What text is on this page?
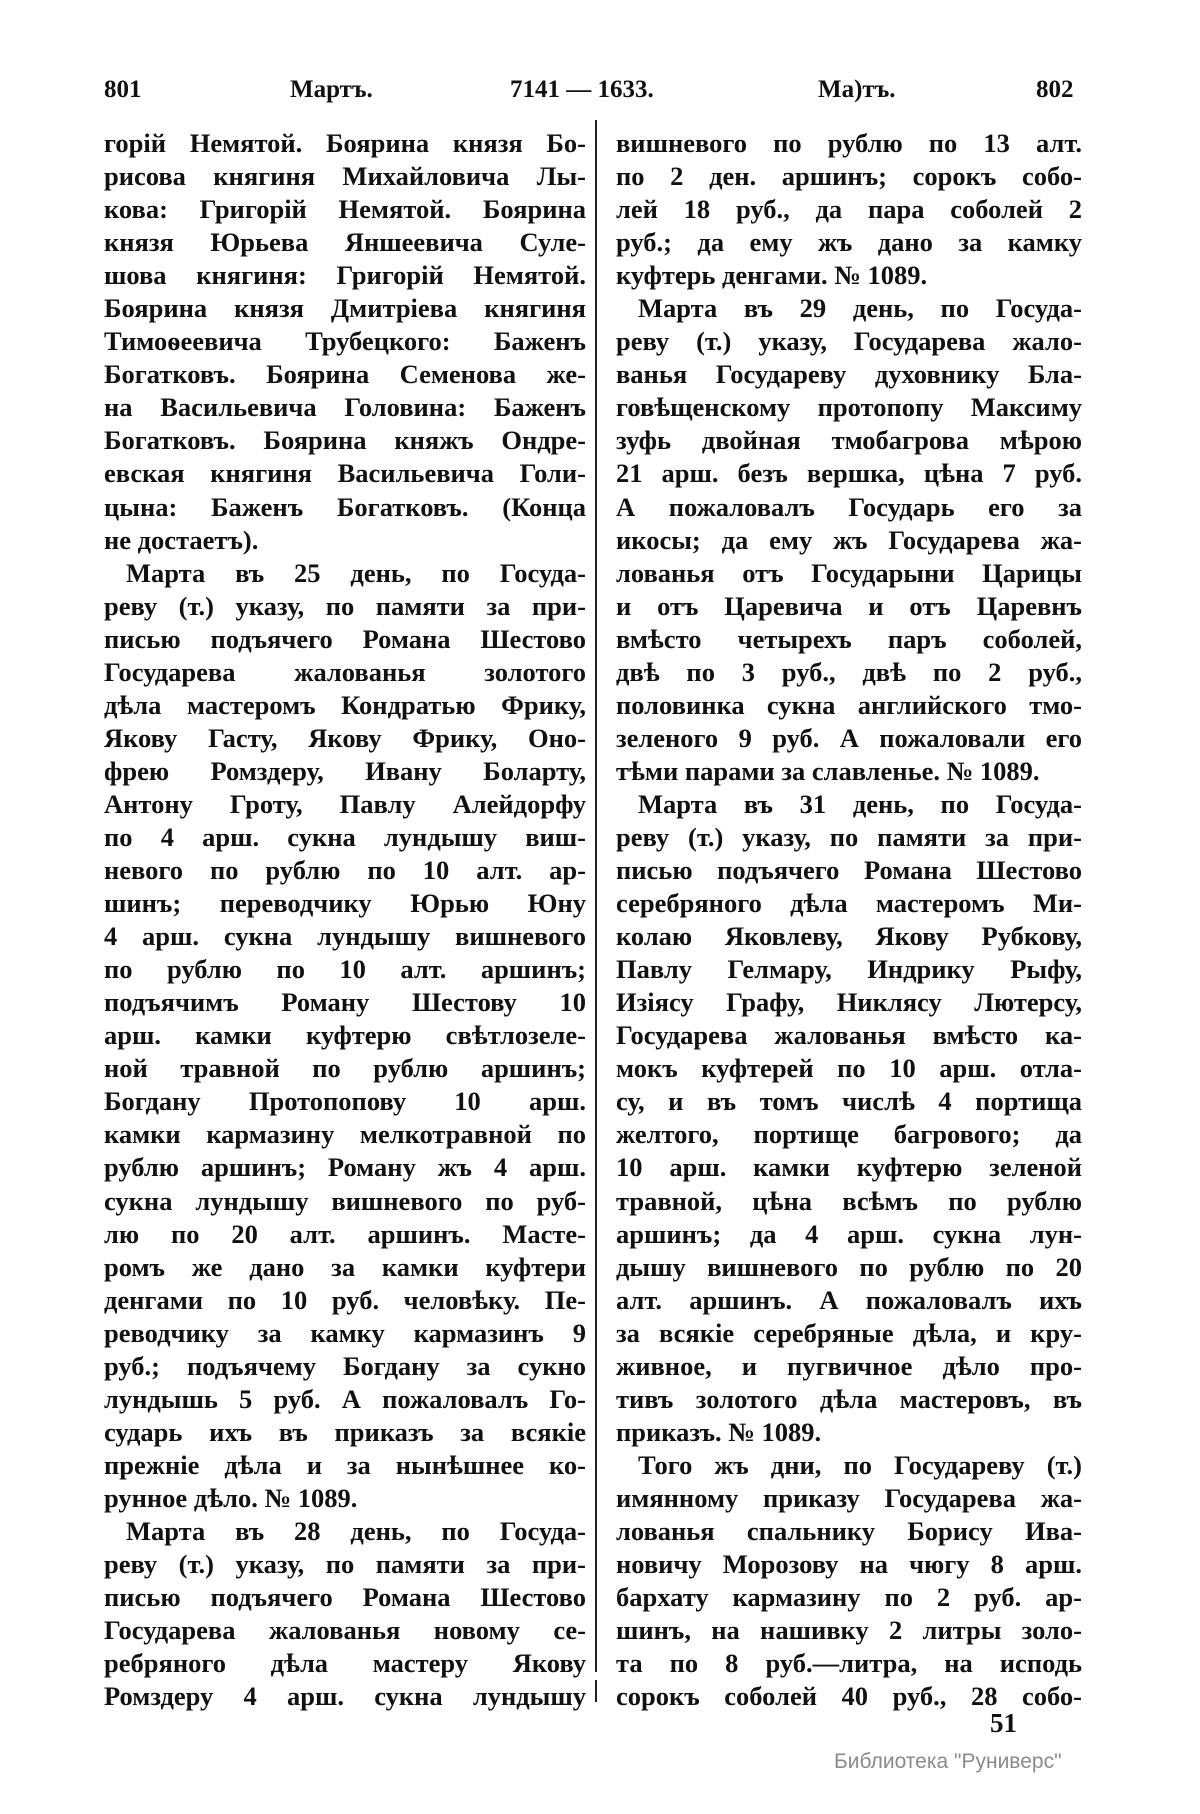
801	Мартъ.	7141 — 1633.	Ма)тъ.	802
горій Немятой. Боярина князя Бо-
рисова княгиня Михайловича Лы-
кова: Григорій Немятой. Боярина
князя Юрьева Яншеевича Суле-
шова княгиня: Григорій Немятой.
Боярина князя Дмитріева княгиня
Тимоѳеевича Трубецкого: Баженъ
Богатковъ. Боярина Семенова же-
на Васильевича Головина: Баженъ
Богатковъ. Боярина княжъ Ондре-
евская княгиня Васильевича Голи-
цына: Баженъ Богатковъ. (Конца
не достаетъ).
Марта въ 25 день, по Госуда-
реву (т.) указу, по памяти за при-
писью подъячего Романа Шестово
Государева жалованья золотого
дѣла мастеромъ Кондратью Фрику,
Якову Гасту, Якову Фрику, Оно-
фрею Ромздеру, Ивану Боларту,
Антону Гроту, Павлу Алейдорфу
по 4 арш. сукна лундышу виш-
невого по рублю по 10 алт. ар-
шинъ; переводчику Юрью Юну
4 арш. сукна лундышу вишневого
по рублю по 10 алт. аршинъ;
подъячимъ Роману Шестову 10
арш. камки куфтерю свѣтлозеле-
ной травной по рублю аршинъ;
Богдану Протопопову 10 арш.
камки кармазину мелкотравной по
рублю аршинъ; Роману жъ 4 арш.
сукна лундышу вишневого по руб-
лю по 20 алт. аршинъ. Масте-
ромъ же дано за камки куфтери
денгами по 10 руб. человѣку. Пе-
реводчику за камку кармазинъ 9
руб.; подъячему Богдану за сукно
лундышь 5 руб. А пожаловалъ Го-
сударь ихъ въ приказъ за всякіе
прежніе дѣла и за нынѣшнее ко-
рунное дѣло. № 1089.
Марта въ 28 день, по Госуда-
реву (т.) указу, по памяти за при-
писью подъячего Романа Шестово
Государева жалованья новому се-
ребряного дѣла мастеру Якову
Ромздеру 4 арш. сукна лундышу
вишневого по рублю по 13 алт.
по 2 ден. аршинъ; сорокъ собо-
лей 18 руб., да пара соболей 2
руб.; да ему жъ дано за камку
куфтерь денгами. № 1089.
Марта въ 29 день, по Госуда-
реву (т.) указу, Государева жало-
ванья Государеву духовнику Бла-
говѣщенскому протопопу Максиму
зуфь двойная тмобагрова мѣрою
21 арш. безъ вершка, цѣна 7 руб.
А пожаловалъ Государь его за
икосы; да ему жъ Государева жа-
лованья отъ Государыни Царицы
и отъ Царевича и отъ Царевнъ
вмѣсто четырехъ паръ соболей,
двѣ по 3 руб., двѣ по 2 руб.,
половинка сукна английского тмо-
зеленого 9 руб. А пожаловали его
тѣми парами за славленье. № 1089.
Марта въ 31 день, по Госуда-
реву (т.) указу, по памяти за при-
писью подъячего Романа Шестово
серебряного дѣла мастеромъ Ми-
колаю Яковлеву, Якову Рубкову,
Павлу Гелмару, Индрику Рыфу,
Изіясу Графу, Никлясу Лютерсу,
Государева жалованья вмѣсто ка-
мокъ куфтерей по 10 арш. отла-
су, и въ томъ числѣ 4 портища
желтого, портище багрового; да
10 арш. камки куфтерю зеленой
травной, цѣна всѣмъ по рублю
аршинъ; да 4 арш. сукна лун-
дышу вишневого по рублю по 20
алт. аршинъ. А пожаловалъ ихъ
за всякіе серебряные дѣла, и кру-
живное, и пугвичное дѣло про-
тивъ золотого дѣла мастеровъ, въ
приказъ. № 1089.
Того жъ дни, по Государеву (т.)
имянному приказу Государева жа-
лованья спальнику Борису Ива-
новичу Морозову на чюгу 8 арш.
бархату кармазину по 2 руб. ар-
шинъ, на нашивку 2 литры золо-
та по 8 руб.—литра, на исподь
сорокъ соболей 40 руб., 28 собо-
51
Библиотека "Руниверс"
